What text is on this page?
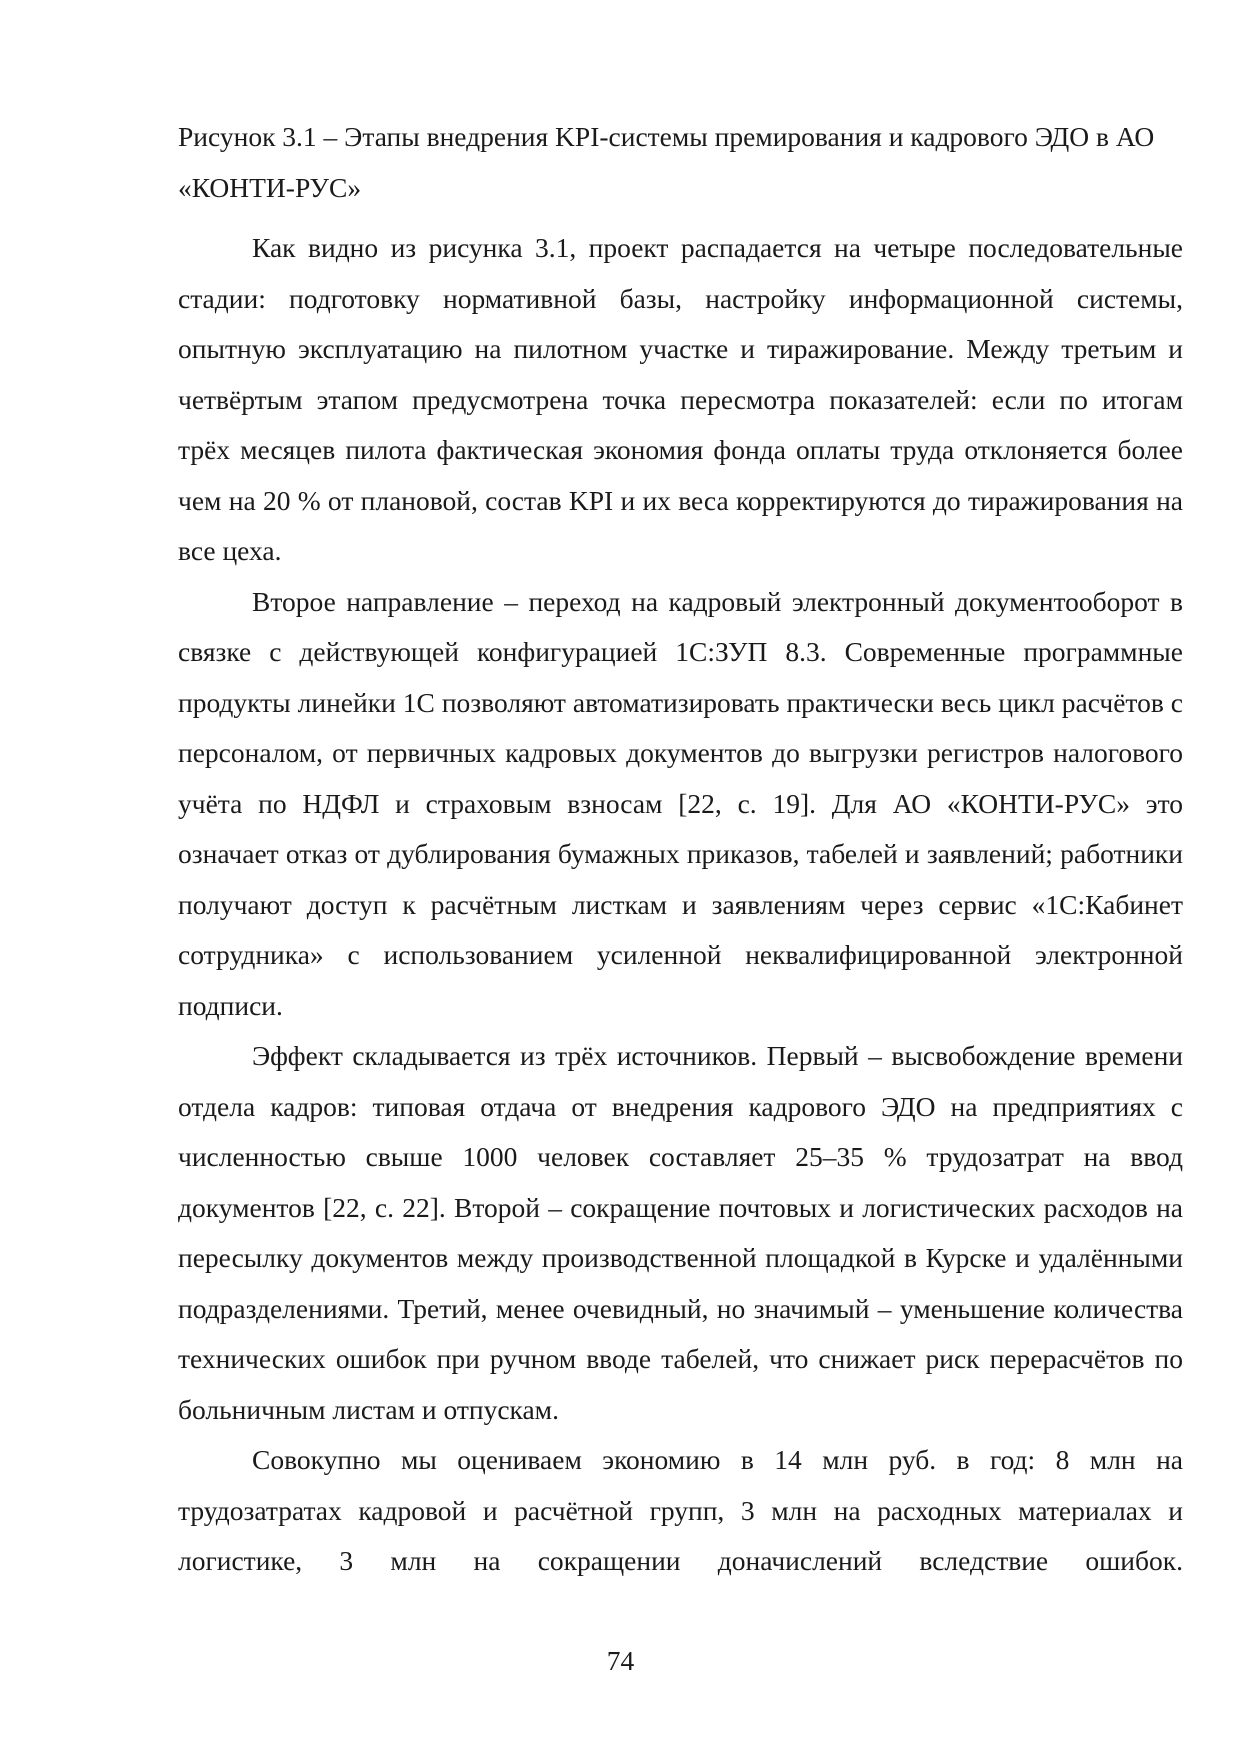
Рисунок 3.1 – Этапы внедрения KPI-системы премирования и кадрового ЭДО в АО «КОНТИ-РУС»

Как видно из рисунка 3.1, проект распадается на четыре последовательные стадии: подготовку нормативной базы, настройку информационной системы, опытную эксплуатацию на пилотном участке и тиражирование. Между третьим и четвёртым этапом предусмотрена точка пересмотра показателей: если по итогам трёх месяцев пилота фактическая экономия фонда оплаты труда отклоняется более чем на 20 % от плановой, состав KPI и их веса корректируются до тиражирования на все цеха.

Второе направление – переход на кадровый электронный документооборот в связке с действующей конфигурацией 1С:ЗУП 8.3. Современные программные продукты линейки 1С позволяют автоматизировать практически весь цикл расчётов с персоналом, от первичных кадровых документов до выгрузки регистров налогового учёта по НДФЛ и страховым взносам [22, с. 19]. Для АО «КОНТИ-РУС» это означает отказ от дублирования бумажных приказов, табелей и заявлений; работники получают доступ к расчётным листкам и заявлениям через сервис «1С:Кабинет сотрудника» с использованием усиленной неквалифицированной электронной подписи.

Эффект складывается из трёх источников. Первый – высвобождение времени отдела кадров: типовая отдача от внедрения кадрового ЭДО на предприятиях с численностью свыше 1000 человек составляет 25–35 % трудозатрат на ввод документов [22, с. 22]. Второй – сокращение почтовых и логистических расходов на пересылку документов между производственной площадкой в Курске и удалёнными подразделениями. Третий, менее очевидный, но значимый – уменьшение количества технических ошибок при ручном вводе табелей, что снижает риск перерасчётов по больничным листам и отпускам.

Совокупно мы оцениваем экономию в 14 млн руб. в год: 8 млн на трудозатратах кадровой и расчётной групп, 3 млн на расходных материалах и логистике, 3 млн на сокращении доначислений вследствие ошибок.

74
